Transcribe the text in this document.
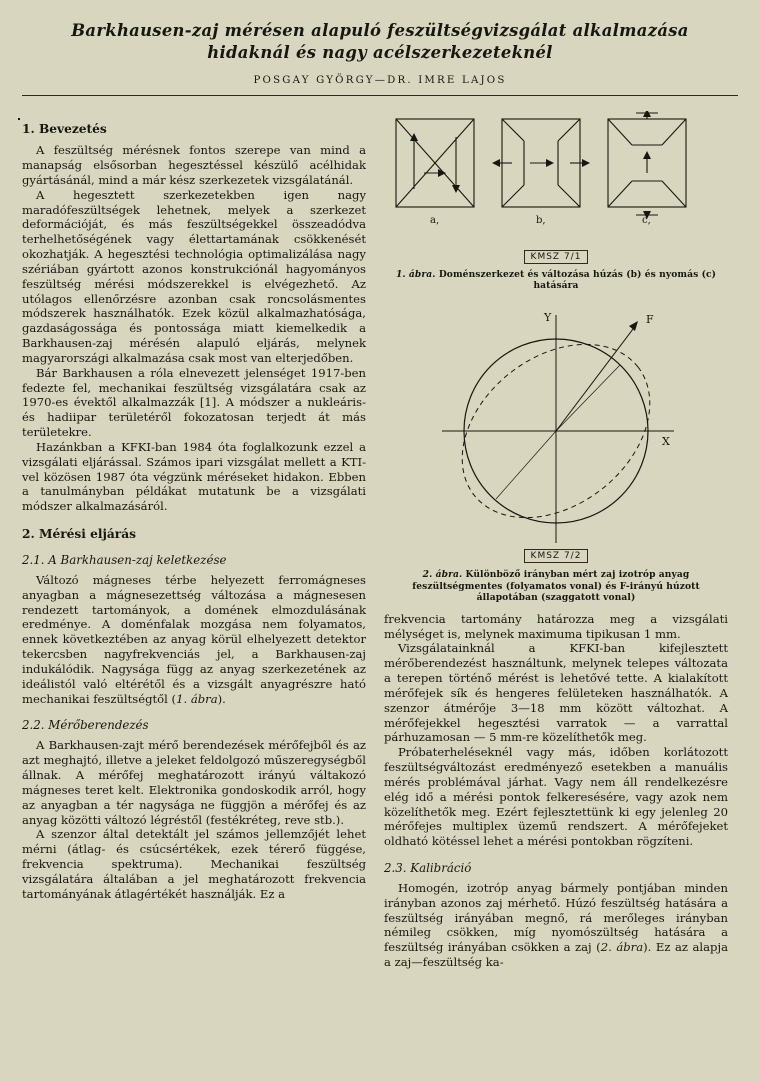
Barkhausen-zaj mérésen alapuló feszültségvizsgálat alkalmazása
hidaknál és nagy acélszerkezeteknél
POSGAY GYÖRGY—DR. IMRE LAJOS
1. Bevezetés

A feszültség mérésnek fontos szerepe van mind a manapság elsősorban hegesztéssel készülő acélhidak gyártásánál, mind a már kész szerkezetek vizsgálatánál.

A hegesztett szerkezetekben igen nagy maradófeszültségek lehetnek, melyek a szerkezet deformációját, és más feszültségekkel összeadódva terhelhetőségének vagy élettartamának csökkenését okozhatják. A hegesztési technológia optimalizálása nagy szériában gyártott azonos konstrukciónál hagyományos feszültség mérési módszerekkel is elvégezhető. Az utólagos ellenőrzésre azonban csak roncsolásmentes módszerek használhatók. Ezek közül alkalmazhatósága, gazdaságossága és pontossága miatt kiemelkedik a Barkhausen-zaj mérésén alapuló eljárás, melynek magyarországi alkalmazása csak most van elterjedőben.

Bár Barkhausen a róla elnevezett jelenséget 1917-ben fedezte fel, mechanikai feszültség vizsgálatára csak az 1970-es évektől alkalmazzák [1]. A módszer a nukleáris- és hadiipar területéről fokozatosan terjedt át más területekre.

Hazánkban a KFKI-ban 1984 óta foglalkozunk ezzel a vizsgálati eljárással. Számos ipari vizsgálat mellett a KTI-vel közösen 1987 óta végzünk méréseket hidakon. Ebben a tanulmányban példákat mutatunk be a vizsgálati módszer alkalmazásáról.

2. Mérési eljárás
2.1. A Barkhausen-zaj keletkezése

Változó mágneses térbe helyezett ferromágneses anyagban a mágnesezettség változása a mágnesesen rendezett tartományok, a domének elmozdulásának eredménye. A doménfalak mozgása nem folyamatos, ennek következtében az anyag körül elhelyezett detektor tekercsben nagyfrekvenciás jel, a Barkhausen-zaj indukálódik. Nagysága függ az anyag szerkezetének az ideálistól való eltérétől és a vizsgált anyagrészre ható mechanikai feszültségtől (1. ábra).

2.2. Mérőberendezés

A Barkhausen-zajt mérő berendezések mérőfejből és az azt meghajtó, illetve a jeleket feldolgozó műszeregységből állnak. A mérőfej meghatározott irányú váltakozó mágneses teret kelt. Elektronika gondoskodik arról, hogy az anyagban a tér nagysága ne függjön a mérőfej és az anyag közötti változó légréstől (festékréteg, reve stb.).

A szenzor által detektált jel számos jellemzőjét lehet mérni (átlag- és csúcsértékek, ezek térerő függése, frekvencia spektruma). Mechanikai feszültség vizsgálatára általában a jel meghatározott frekvencia tartományának átlagértékét használják. Ez a

a,	b,	c,
KMSZ 7/1
1. ábra. Doménszerkezet és változása húzás (b) és nyomás (c) hatására
Y	F
X
KMSZ 7/2
2. ábra. Különböző irányban mért zaj izotróp anyag feszültségmentes (folyamatos vonal) és F-irányú húzott állapotában (szaggatott vonal)

frekvencia tartomány határozza meg a vizsgálati mélységet is, melynek maximuma tipikusan 1 mm.

Vizsgálatainknál a KFKI-ban kifejlesztett mérőberendezést használtunk, melynek telepes változata a terepen történő mérést is lehetővé tette. A kialakított mérőfejek sík és hengeres felületeken használhatók. A szenzor átmérője 3—18 mm között változhat. A mérőfejekkel hegesztési varratok — a varrattal párhuzamosan — 5 mm-re közelíthetők meg.

Próbaterheléseknél vagy más, időben korlátozott feszültségváltozást eredményező esetekben a manuális mérés problémával járhat. Vagy nem áll rendelkezésre elég idő a mérési pontok felkeresésére, vagy azok nem közelíthetők meg. Ezért fejlesztettünk ki egy jelenleg 20 mérőfejes multiplex üzemű rendszert. A mérőfejeket oldható kötéssel lehet a mérési pontokban rögzíteni.

2.3. Kalibráció

Homogén, izotróp anyag bármely pontjában minden irányban azonos zaj mérhető. Húzó feszültség hatására a feszültség irányában megnő, rá merőleges irányban némileg csökken, míg nyomószültség hatására a feszültség irányában csökken a zaj (2. ábra). Ez az alapja a zaj—feszültség ka-
